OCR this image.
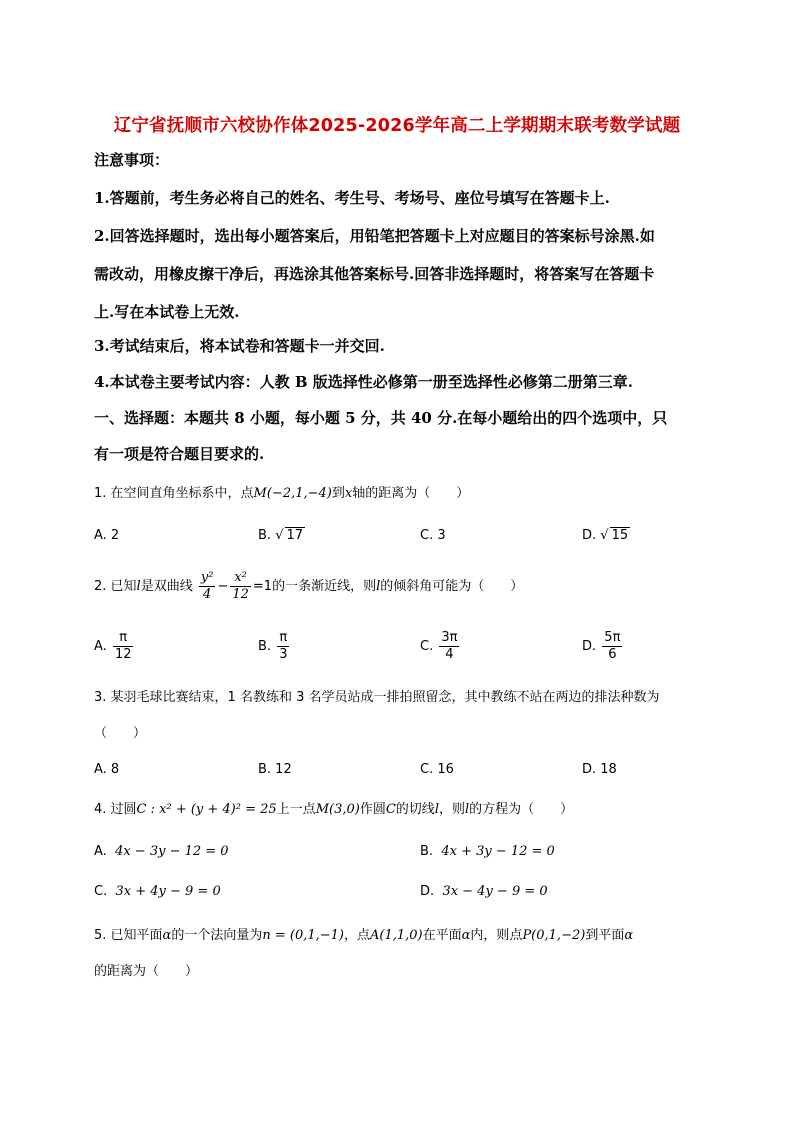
辽宁省抚顺市六校协作体2025-2026学年高二上学期期末联考数学试题
注意事项：
1.答题前，考生务必将自己的姓名、考生号、考场号、座位号填写在答题卡上.
2.回答选择题时，选出每小题答案后，用铅笔把答题卡上对应题目的答案标号涂黑.如
需改动，用橡皮擦干净后，再选涂其他答案标号.回答非选择题时，将答案写在答题卡
上.写在本试卷上无效.
3.考试结束后，将本试卷和答题卡一并交回.
4.本试卷主要考试内容：人教 B 版选择性必修第一册至选择性必修第二册第三章.
一、选择题：本题共 8 小题，每小题 5 分，共 40 分.在每小题给出的四个选项中，只
有一项是符合题目要求的.
1. 在空间直角坐标系中，点M(−2,1,−4)到x轴的距离为（　　）
A. 2	B. √ 17	C. 3	D. √ 15
2. 已知l是双曲线 $\frac{\text{y²}}{4} - \frac{\text{x²}}{12} =1$的一条渐近线，则l的倾斜角可能为（　　）
A. $\frac{\pi}{12}$	B. $\frac{\pi}{3}$	C. $\frac{3\pi}{4}$	D. $\frac{5\pi}{6}$
3. 某羽毛球比赛结束，1 名教练和 3 名学员站成一排拍照留念，其中教练不站在两边的排法种数为
（　　）
A. 8	B. 12	C. 16	D. 18
4. 过圆C : x² + (y + 4)² = 25上一点M(3,0)作圆C的切线l，则l的方程为（　　）
A. 4x − 3y − 12 = 0	B. 4x + 3y − 12 = 0
C. 3x + 4y − 9 = 0	D. 3x − 4y − 9 = 0
5. 已知平面α的一个法向量为n = (0,1,−1)，点A(1,1,0)在平面α内，则点P(0,1,−2)到平面α
的距离为（　　）
